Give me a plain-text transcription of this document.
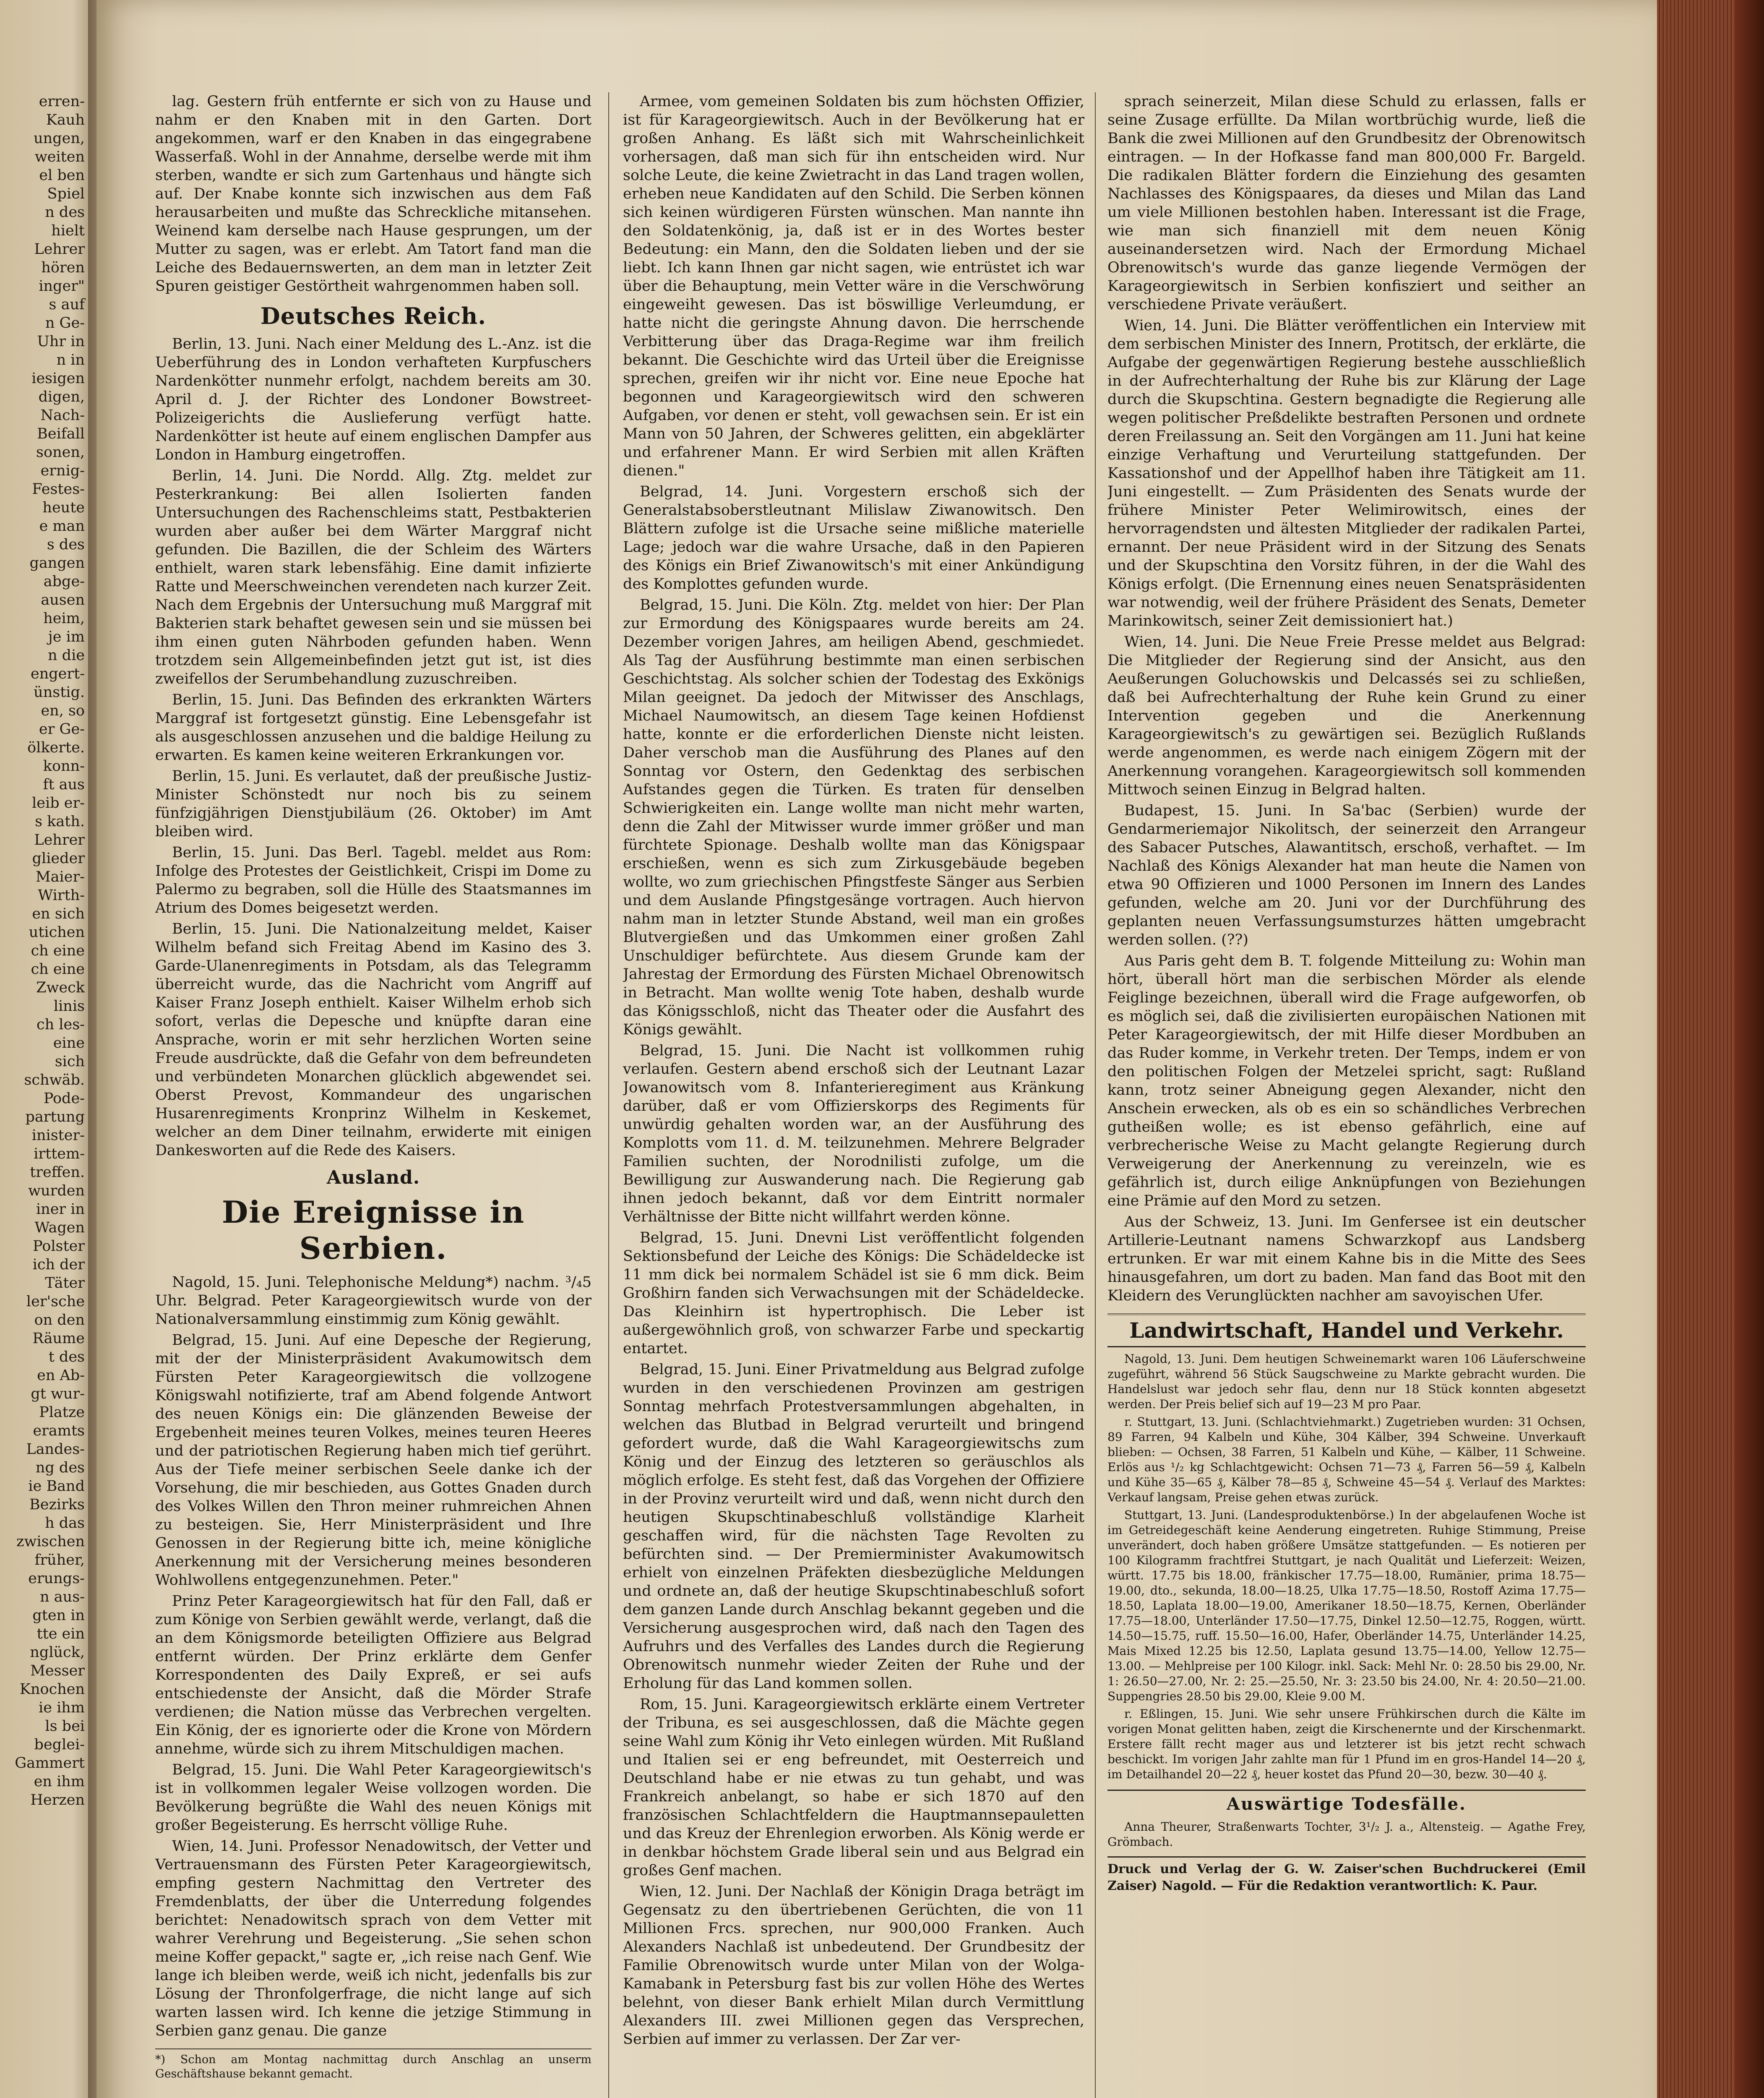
erren-
Kauh
ungen,
weiten
el ben
Spiel
n des
hielt
Lehrer
hören
inger"
s auf
n Ge-
Uhr in
n in
iesigen
digen,
Nach-
Beifall
sonen,
ernig-
Festes-
heute
e man
s des
gangen
abge-
ausen
heim,
je im
n die
engert-
ünstig.
en, so
er Ge-
ölkerte.
konn-
ft aus
leib er-
s kath.
Lehrer
glieder
Maier-
Wirth-
en sich
utichen
ch eine
ch eine
Zweck
linis
ch les-
eine
sich
schwäb.
Pode-
partung
inister-
irttem-
treffen.
wurden
iner in
Wagen
Polster
ich der
Täter
ler'sche
on den
Räume
t des
en Ab-
gt wur-
Platze
eramts
Landes-
ng des
ie Band
Bezirks
h das
zwischen
früher,
erungs-
n aus-
gten in
tte ein
nglück,
Messer
Knochen
ie ihm
ls bei
beglei-
Gammert
en ihm
Herzen

lag. Gestern früh entfernte er sich von zu Hause und nahm er den Knaben mit in den Garten. Dort angekommen, warf er den Knaben in das eingegrabene Wasserfaß. Wohl in der Annahme, derselbe werde mit ihm sterben, wandte er sich zum Gartenhaus und hängte sich auf. Der Knabe konnte sich inzwischen aus dem Faß herausarbeiten und mußte das Schreckliche mitansehen. Weinend kam derselbe nach Hause gesprungen, um der Mutter zu sagen, was er erlebt. Am Tatort fand man die Leiche des Bedauernswerten, an dem man in letzter Zeit Spuren geistiger Gestörtheit wahrgenommen haben soll.

Deutsches Reich.

Berlin, 13. Juni. Nach einer Meldung des L.-Anz. ist die Ueberführung des in London verhafteten Kurpfuschers Nardenkötter nunmehr erfolgt, nachdem bereits am 30. April d. J. der Richter des Londoner Bowstreet-Polizeigerichts die Auslieferung verfügt hatte. Nardenkötter ist heute auf einem englischen Dampfer aus London in Hamburg eingetroffen.

Berlin, 14. Juni. Die Nordd. Allg. Ztg. meldet zur Pesterkrankung: Bei allen Isolierten fanden Untersuchungen des Rachenschleims statt, Pestbakterien wurden aber außer bei dem Wärter Marggraf nicht gefunden. Die Bazillen, die der Schleim des Wärters enthielt, waren stark lebensfähig. Eine damit infizierte Ratte und Meerschweinchen verendeten nach kurzer Zeit. Nach dem Ergebnis der Untersuchung muß Marggraf mit Bakterien stark behaftet gewesen sein und sie müssen bei ihm einen guten Nährboden gefunden haben. Wenn trotzdem sein Allgemeinbefinden jetzt gut ist, ist dies zweifellos der Serumbehandlung zuzuschreiben.

Berlin, 15. Juni. Das Befinden des erkrankten Wärters Marggraf ist fortgesetzt günstig. Eine Lebensgefahr ist als ausgeschlossen anzusehen und die baldige Heilung zu erwarten. Es kamen keine weiteren Erkrankungen vor.

Berlin, 15. Juni. Es verlautet, daß der preußische Justiz-Minister Schönstedt nur noch bis zu seinem fünfzigjährigen Dienstjubiläum (26. Oktober) im Amt bleiben wird.

Berlin, 15. Juni. Das Berl. Tagebl. meldet aus Rom: Infolge des Protestes der Geistlichkeit, Crispi im Dome zu Palermo zu begraben, soll die Hülle des Staatsmannes im Atrium des Domes beigesetzt werden.

Berlin, 15. Juni. Die Nationalzeitung meldet, Kaiser Wilhelm befand sich Freitag Abend im Kasino des 3. Garde-Ulanenregiments in Potsdam, als das Telegramm überreicht wurde, das die Nachricht vom Angriff auf Kaiser Franz Joseph enthielt. Kaiser Wilhelm erhob sich sofort, verlas die Depesche und knüpfte daran eine Ansprache, worin er mit sehr herzlichen Worten seine Freude ausdrückte, daß die Gefahr von dem befreundeten und verbündeten Monarchen glücklich abgewendet sei. Oberst Prevost, Kommandeur des ungarischen Husarenregiments Kronprinz Wilhelm in Keskemet, welcher an dem Diner teilnahm, erwiderte mit einigen Dankesworten auf die Rede des Kaisers.

Ausland.
Die Ereignisse in Serbien.

Nagold, 15. Juni. Telephonische Meldung*) nachm. ³/₄5 Uhr. Belgrad. Peter Karageorgiewitsch wurde von der Nationalversammlung einstimmig zum König gewählt.

Belgrad, 15. Juni. Auf eine Depesche der Regierung, mit der der Ministerpräsident Avakumowitsch dem Fürsten Peter Karageorgiewitsch die vollzogene Königswahl notifizierte, traf am Abend folgende Antwort des neuen Königs ein: Die glänzenden Beweise der Ergebenheit meines teuren Volkes, meines teuren Heeres und der patriotischen Regierung haben mich tief gerührt. Aus der Tiefe meiner serbischen Seele danke ich der Vorsehung, die mir beschieden, aus Gottes Gnaden durch des Volkes Willen den Thron meiner ruhmreichen Ahnen zu besteigen. Sie, Herr Ministerpräsident und Ihre Genossen in der Regierung bitte ich, meine königliche Anerkennung mit der Versicherung meines besonderen Wohlwollens entgegenzunehmen. Peter."

Prinz Peter Karageorgiewitsch hat für den Fall, daß er zum Könige von Serbien gewählt werde, verlangt, daß die an dem Königsmorde beteiligten Offiziere aus Belgrad entfernt würden. Der Prinz erklärte dem Genfer Korrespondenten des Daily Expreß, er sei aufs entschiedenste der Ansicht, daß die Mörder Strafe verdienen; die Nation müsse das Verbrechen vergelten. Ein König, der es ignorierte oder die Krone von Mördern annehme, würde sich zu ihrem Mitschuldigen machen.

Belgrad, 15. Juni. Die Wahl Peter Karageorgiewitsch's ist in vollkommen legaler Weise vollzogen worden. Die Bevölkerung begrüßte die Wahl des neuen Königs mit großer Begeisterung. Es herrscht völlige Ruhe.

Wien, 14. Juni. Professor Nenadowitsch, der Vetter und Vertrauensmann des Fürsten Peter Karageorgiewitsch, empfing gestern Nachmittag den Vertreter des Fremdenblatts, der über die Unterredung folgendes berichtet: Nenadowitsch sprach von dem Vetter mit wahrer Verehrung und Begeisterung. „Sie sehen schon meine Koffer gepackt," sagte er, „ich reise nach Genf. Wie lange ich bleiben werde, weiß ich nicht, jedenfalls bis zur Lösung der Thronfolgerfrage, die nicht lange auf sich warten lassen wird. Ich kenne die jetzige Stimmung in Serbien ganz genau. Die ganze

*) Schon am Montag nachmittag durch Anschlag an unserm Geschäftshause bekannt gemacht.

Armee, vom gemeinen Soldaten bis zum höchsten Offizier, ist für Karageorgiewitsch. Auch in der Bevölkerung hat er großen Anhang. Es läßt sich mit Wahrscheinlichkeit vorhersagen, daß man sich für ihn entscheiden wird. Nur solche Leute, die keine Zwietracht in das Land tragen wollen, erheben neue Kandidaten auf den Schild. Die Serben können sich keinen würdigeren Fürsten wünschen. Man nannte ihn den Soldatenkönig, ja, daß ist er in des Wortes bester Bedeutung: ein Mann, den die Soldaten lieben und der sie liebt. Ich kann Ihnen gar nicht sagen, wie entrüstet ich war über die Behauptung, mein Vetter wäre in die Verschwörung eingeweiht gewesen. Das ist böswillige Verleumdung, er hatte nicht die geringste Ahnung davon. Die herrschende Verbitterung über das Draga-Regime war ihm freilich bekannt. Die Geschichte wird das Urteil über die Ereignisse sprechen, greifen wir ihr nicht vor. Eine neue Epoche hat begonnen und Karageorgiewitsch wird den schweren Aufgaben, vor denen er steht, voll gewachsen sein. Er ist ein Mann von 50 Jahren, der Schweres gelitten, ein abgeklärter und erfahrener Mann. Er wird Serbien mit allen Kräften dienen."

Belgrad, 14. Juni. Vorgestern erschoß sich der Generalstabsoberstleutnant Milislaw Ziwanowitsch. Den Blättern zufolge ist die Ursache seine mißliche materielle Lage; jedoch war die wahre Ursache, daß in den Papieren des Königs ein Brief Ziwanowitsch's mit einer Ankündigung des Komplottes gefunden wurde.

Belgrad, 15. Juni. Die Köln. Ztg. meldet von hier: Der Plan zur Ermordung des Königspaares wurde bereits am 24. Dezember vorigen Jahres, am heiligen Abend, geschmiedet. Als Tag der Ausführung bestimmte man einen serbischen Geschichtstag. Als solcher schien der Todestag des Exkönigs Milan geeignet. Da jedoch der Mitwisser des Anschlags, Michael Naumowitsch, an diesem Tage keinen Hofdienst hatte, konnte er die erforderlichen Dienste nicht leisten. Daher verschob man die Ausführung des Planes auf den Sonntag vor Ostern, den Gedenktag des serbischen Aufstandes gegen die Türken. Es traten für denselben Schwierigkeiten ein. Lange wollte man nicht mehr warten, denn die Zahl der Mitwisser wurde immer größer und man fürchtete Spionage. Deshalb wollte man das Königspaar erschießen, wenn es sich zum Zirkusgebäude begeben wollte, wo zum griechischen Pfingstfeste Sänger aus Serbien und dem Auslande Pfingstgesänge vortragen. Auch hiervon nahm man in letzter Stunde Abstand, weil man ein großes Blutvergießen und das Umkommen einer großen Zahl Unschuldiger befürchtete. Aus diesem Grunde kam der Jahrestag der Ermordung des Fürsten Michael Obrenowitsch in Betracht. Man wollte wenig Tote haben, deshalb wurde das Königsschloß, nicht das Theater oder die Ausfahrt des Königs gewählt.

Belgrad, 15. Juni. Die Nacht ist vollkommen ruhig verlaufen. Gestern abend erschoß sich der Leutnant Lazar Jowanowitsch vom 8. Infanterieregiment aus Kränkung darüber, daß er vom Offizierskorps des Regiments für unwürdig gehalten worden war, an der Ausführung des Komplotts vom 11. d. M. teilzunehmen. Mehrere Belgrader Familien suchten, der Norodnilisti zufolge, um die Bewilligung zur Auswanderung nach. Die Regierung gab ihnen jedoch bekannt, daß vor dem Eintritt normaler Verhältnisse der Bitte nicht willfahrt werden könne.

Belgrad, 15. Juni. Dnevni List veröffentlicht folgenden Sektionsbefund der Leiche des Königs: Die Schädeldecke ist 11 mm dick bei normalem Schädel ist sie 6 mm dick. Beim Großhirn fanden sich Verwachsungen mit der Schädeldecke. Das Kleinhirn ist hypertrophisch. Die Leber ist außergewöhnlich groß, von schwarzer Farbe und speckartig entartet.

Belgrad, 15. Juni. Einer Privatmeldung aus Belgrad zufolge wurden in den verschiedenen Provinzen am gestrigen Sonntag mehrfach Protestversammlungen abgehalten, in welchen das Blutbad in Belgrad verurteilt und bringend gefordert wurde, daß die Wahl Karageorgiewitschs zum König und der Einzug des letzteren so geräuschlos als möglich erfolge. Es steht fest, daß das Vorgehen der Offiziere in der Provinz verurteilt wird und daß, wenn nicht durch den heutigen Skupschtinabeschluß vollständige Klarheit geschaffen wird, für die nächsten Tage Revolten zu befürchten sind. — Der Premierminister Avakumowitsch erhielt von einzelnen Präfekten diesbezügliche Meldungen und ordnete an, daß der heutige Skupschtinabeschluß sofort dem ganzen Lande durch Anschlag bekannt gegeben und die Versicherung ausgesprochen wird, daß nach den Tagen des Aufruhrs und des Verfalles des Landes durch die Regierung Obrenowitsch nunmehr wieder Zeiten der Ruhe und der Erholung für das Land kommen sollen.

Rom, 15. Juni. Karageorgiewitsch erklärte einem Vertreter der Tribuna, es sei ausgeschlossen, daß die Mächte gegen seine Wahl zum König ihr Veto einlegen würden. Mit Rußland und Italien sei er eng befreundet, mit Oesterreich und Deutschland habe er nie etwas zu tun gehabt, und was Frankreich anbelangt, so habe er sich 1870 auf den französischen Schlachtfeldern die Hauptmannsepauletten und das Kreuz der Ehrenlegion erworben. Als König werde er in denkbar höchstem Grade liberal sein und aus Belgrad ein großes Genf machen.

Wien, 12. Juni. Der Nachlaß der Königin Draga beträgt im Gegensatz zu den übertriebenen Gerüchten, die von 11 Millionen Frcs. sprechen, nur 900,000 Franken. Auch Alexanders Nachlaß ist unbedeutend. Der Grundbesitz der Familie Obrenowitsch wurde unter Milan von der Wolga-Kamabank in Petersburg fast bis zur vollen Höhe des Wertes belehnt, von dieser Bank erhielt Milan durch Vermittlung Alexanders III. zwei Millionen gegen das Versprechen, Serbien auf immer zu verlassen. Der Zar ver-

sprach seinerzeit, Milan diese Schuld zu erlassen, falls er seine Zusage erfüllte. Da Milan wortbrüchig wurde, ließ die Bank die zwei Millionen auf den Grundbesitz der Obrenowitsch eintragen. — In der Hofkasse fand man 800,000 Fr. Bargeld. Die radikalen Blätter fordern die Einziehung des gesamten Nachlasses des Königspaares, da dieses und Milan das Land um viele Millionen bestohlen haben. Interessant ist die Frage, wie man sich finanziell mit dem neuen König auseinandersetzen wird. Nach der Ermordung Michael Obrenowitsch's wurde das ganze liegende Vermögen der Karageorgiewitsch in Serbien konfisziert und seither an verschiedene Private veräußert.

Wien, 14. Juni. Die Blätter veröffentlichen ein Interview mit dem serbischen Minister des Innern, Protitsch, der erklärte, die Aufgabe der gegenwärtigen Regierung bestehe ausschließlich in der Aufrechterhaltung der Ruhe bis zur Klärung der Lage durch die Skupschtina. Gestern begnadigte die Regierung alle wegen politischer Preßdelikte bestraften Personen und ordnete deren Freilassung an. Seit den Vorgängen am 11. Juni hat keine einzige Verhaftung und Verurteilung stattgefunden. Der Kassationshof und der Appellhof haben ihre Tätigkeit am 11. Juni eingestellt. — Zum Präsidenten des Senats wurde der frühere Minister Peter Welimirowitsch, eines der hervorragendsten und ältesten Mitglieder der radikalen Partei, ernannt. Der neue Präsident wird in der Sitzung des Senats und der Skupschtina den Vorsitz führen, in der die Wahl des Königs erfolgt. (Die Ernennung eines neuen Senatspräsidenten war notwendig, weil der frühere Präsident des Senats, Demeter Marinkowitsch, seiner Zeit demissioniert hat.)

Wien, 14. Juni. Die Neue Freie Presse meldet aus Belgrad: Die Mitglieder der Regierung sind der Ansicht, aus den Aeußerungen Goluchowskis und Delcassés sei zu schließen, daß bei Aufrechterhaltung der Ruhe kein Grund zu einer Intervention gegeben und die Anerkennung Karageorgiewitsch's zu gewärtigen sei. Bezüglich Rußlands werde angenommen, es werde nach einigem Zögern mit der Anerkennung vorangehen. Karageorgiewitsch soll kommenden Mittwoch seinen Einzug in Belgrad halten.

Budapest, 15. Juni. In Sa'bac (Serbien) wurde der Gendarmeriemajor Nikolitsch, der seinerzeit den Arrangeur des Sabacer Putsches, Alawantitsch, erschoß, verhaftet. — Im Nachlaß des Königs Alexander hat man heute die Namen von etwa 90 Offizieren und 1000 Personen im Innern des Landes gefunden, welche am 20. Juni vor der Durchführung des geplanten neuen Verfassungsumsturzes hätten umgebracht werden sollen. (??)

Aus Paris geht dem B. T. folgende Mitteilung zu: Wohin man hört, überall hört man die serbischen Mörder als elende Feiglinge bezeichnen, überall wird die Frage aufgeworfen, ob es möglich sei, daß die zivilisierten europäischen Nationen mit Peter Karageorgiewitsch, der mit Hilfe dieser Mordbuben an das Ruder komme, in Verkehr treten. Der Temps, indem er von den politischen Folgen der Metzelei spricht, sagt: Rußland kann, trotz seiner Abneigung gegen Alexander, nicht den Anschein erwecken, als ob es ein so schändliches Verbrechen gutheißen wolle; es ist ebenso gefährlich, eine auf verbrecherische Weise zu Macht gelangte Regierung durch Verweigerung der Anerkennung zu vereinzeln, wie es gefährlich ist, durch eilige Anknüpfungen von Beziehungen eine Prämie auf den Mord zu setzen.

Aus der Schweiz, 13. Juni. Im Genfersee ist ein deutscher Artillerie-Leutnant namens Schwarzkopf aus Landsberg ertrunken. Er war mit einem Kahne bis in die Mitte des Sees hinausgefahren, um dort zu baden. Man fand das Boot mit den Kleidern des Verunglückten nachher am savoyischen Ufer.

Landwirtschaft, Handel und Verkehr.

Nagold, 13. Juni. Dem heutigen Schweinemarkt waren 106 Läuferschweine zugeführt, während 56 Stück Saugschweine zu Markte gebracht wurden. Die Handelslust war jedoch sehr flau, denn nur 18 Stück konnten abgesetzt werden. Der Preis belief sich auf 19—23 M pro Paar.

r. Stuttgart, 13. Juni. (Schlachtviehmarkt.) Zugetrieben wurden: 31 Ochsen, 89 Farren, 94 Kalbeln und Kühe, 304 Kälber, 394 Schweine. Unverkauft blieben: — Ochsen, 38 Farren, 51 Kalbeln und Kühe, — Kälber, 11 Schweine. Erlös aus ¹/₂ kg Schlachtgewicht: Ochsen 71—73 ₰, Farren 56—59 ₰, Kalbeln und Kühe 35—65 ₰, Kälber 78—85 ₰, Schweine 45—54 ₰. Verlauf des Marktes: Verkauf langsam, Preise gehen etwas zurück.

Stuttgart, 13. Juni. (Landesproduktenbörse.) In der abgelaufenen Woche ist im Getreidegeschäft keine Aenderung eingetreten. Ruhige Stimmung, Preise unverändert, doch haben größere Umsätze stattgefunden. — Es notieren per 100 Kilogramm frachtfrei Stuttgart, je nach Qualität und Lieferzeit: Weizen, württ. 17.75 bis 18.00, fränkischer 17.75—18.00, Rumänier, prima 18.75—19.00, dto., sekunda, 18.00—18.25, Ulka 17.75—18.50, Rostoff Azima 17.75—18.50, Laplata 18.00—19.00, Amerikaner 18.50—18.75, Kernen, Oberländer 17.75—18.00, Unterländer 17.50—17.75, Dinkel 12.50—12.75, Roggen, württ. 14.50—15.75, ruff. 15.50—16.00, Hafer, Oberländer 14.75, Unterländer 14.25, Mais Mixed 12.25 bis 12.50, Laplata gesund 13.75—14.00, Yellow 12.75—13.00. — Mehlpreise per 100 Kilogr. inkl. Sack: Mehl Nr. 0: 28.50 bis 29.00, Nr. 1: 26.50—27.00, Nr. 2: 25.—25.50, Nr. 3: 23.50 bis 24.00, Nr. 4: 20.50—21.00. Suppengries 28.50 bis 29.00, Kleie 9.00 M.

r. Eßlingen, 15. Juni. Wie sehr unsere Frühkirschen durch die Kälte im vorigen Monat gelitten haben, zeigt die Kirschenernte und der Kirschenmarkt. Erstere fällt recht mager aus und letzterer ist bis jetzt recht schwach beschickt. Im vorigen Jahr zahlte man für 1 Pfund im en gros-Handel 14—20 ₰, im Detailhandel 20—22 ₰, heuer kostet das Pfund 20—30, bezw. 30—40 ₰.

Auswärtige Todesfälle.

Anna Theurer, Straßenwarts Tochter, 3¹/₂ J. a., Altensteig. — Agathe Frey, Grömbach.

Druck und Verlag der G. W. Zaiser'schen Buchdruckerei (Emil Zaiser) Nagold. — Für die Redaktion verantwortlich: K. Paur.
